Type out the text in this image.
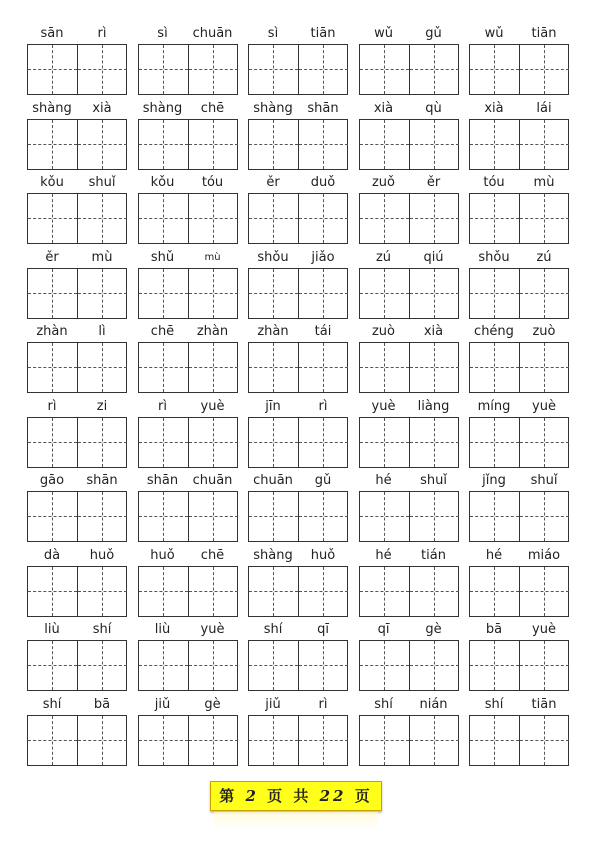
sān	rì	sì	chuān	sì	tiān	wǔ	gǔ	wǔ	tiān
shàng	xià	shàng	chē	shàng	shān	xià	qù	xià	lái
kǒu	shuǐ	kǒu	tóu	ěr	duǒ	zuǒ	ěr	tóu	mù
ěr	mù	shǔ	mù	shǒu	jiǎo	zú	qiú	shǒu	zú
zhàn	lì	chē	zhàn	zhàn	tái	zuò	xià	chéng	zuò
rì	zi	rì	yuè	jīn	rì	yuè	liàng	míng	yuè
gāo	shān	shān	chuān	chuān	gǔ	hé	shuǐ	jǐng	shuǐ
dà	huǒ	huǒ	chē	shàng	huǒ	hé	tián	hé	miáo
liù	shí	liù	yuè	shí	qī	qī	gè	bā	yuè
shí	bā	jiǔ	gè	jiǔ	rì	shí	nián	shí	tiān
第 2 页 共 22 页
